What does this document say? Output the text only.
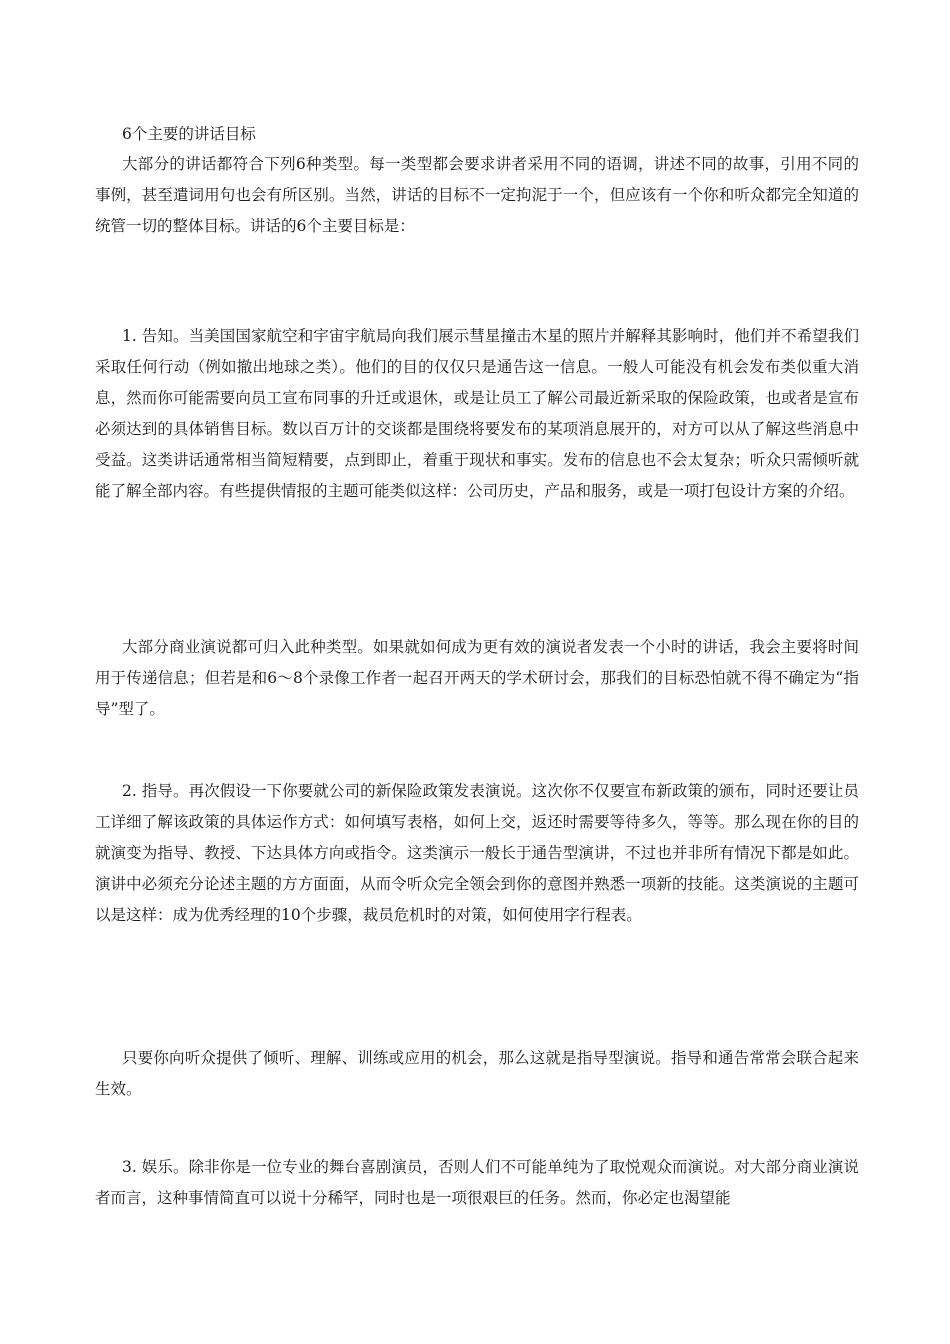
6个主要的讲话目标

大部分的讲话都符合下列6种类型。每一类型都会要求讲者采用不同的语调，讲述不同的故事，引用不同的事例，甚至遣词用句也会有所区别。当然，讲话的目标不一定拘泥于一个，但应该有一个你和听众都完全知道的统管一切的整体目标。讲话的6个主要目标是：

1. 告知。当美国国家航空和宇宙宇航局向我们展示彗星撞击木星的照片并解释其影响时，他们并不希望我们采取任何行动（例如撤出地球之类）。他们的目的仅仅只是通告这一信息。一般人可能没有机会发布类似重大消息，然而你可能需要向员工宣布同事的升迁或退休，或是让员工了解公司最近新采取的保险政策，也或者是宣布必须达到的具体销售目标。数以百万计的交谈都是围绕将要发布的某项消息展开的，对方可以从了解这些消息中受益。这类讲话通常相当简短精要，点到即止，着重于现状和事实。发布的信息也不会太复杂；听众只需倾听就能了解全部内容。有些提供情报的主题可能类似这样：公司历史，产品和服务，或是一项打包设计方案的介绍。

大部分商业演说都可归入此种类型。如果就如何成为更有效的演说者发表一个小时的讲话，我会主要将时间用于传递信息；但若是和6～8个录像工作者一起召开两天的学术研讨会，那我们的目标恐怕就不得不确定为“指导”型了。

2. 指导。再次假设一下你要就公司的新保险政策发表演说。这次你不仅要宣布新政策的颁布，同时还要让员工详细了解该政策的具体运作方式：如何填写表格，如何上交，返还时需要等待多久，等等。那么现在你的目的就演变为指导、教授、下达具体方向或指令。这类演示一般长于通告型演讲，不过也并非所有情况下都是如此。演讲中必须充分论述主题的方方面面，从而令听众完全领会到你的意图并熟悉一项新的技能。这类演说的主题可以是这样：成为优秀经理的10个步骤，裁员危机时的对策，如何使用字行程表。

只要你向听众提供了倾听、理解、训练或应用的机会，那么这就是指导型演说。指导和通告常常会联合起来生效。

3. 娱乐。除非你是一位专业的舞台喜剧演员，否则人们不可能单纯为了取悦观众而演说。对大部分商业演说者而言，这种事情简直可以说十分稀罕，同时也是一项很艰巨的任务。然而，你必定也渴望能
